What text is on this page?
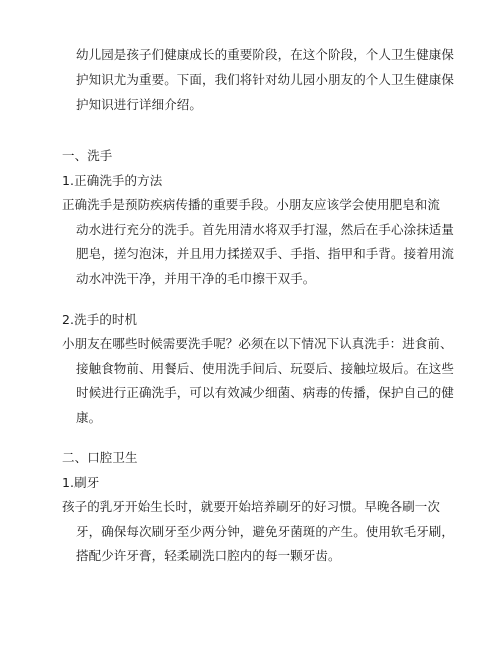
幼儿园是孩子们健康成长的重要阶段，在这个阶段，个人卫生健康保
护知识尤为重要。下面，我们将针对幼儿园小朋友的个人卫生健康保
护知识进行详细介绍。
一、洗手
1.正确洗手的方法
正确洗手是预防疾病传播的重要手段。小朋友应该学会使用肥皂和流
动水进行充分的洗手。首先用清水将双手打湿，然后在手心涂抹适量
肥皂，搓匀泡沫，并且用力揉搓双手、手指、指甲和手背。接着用流
动水冲洗干净，并用干净的毛巾擦干双手。
2.洗手的时机
小朋友在哪些时候需要洗手呢？必须在以下情况下认真洗手：进食前、
接触食物前、用餐后、使用洗手间后、玩耍后、接触垃圾后。在这些
时候进行正确洗手，可以有效减少细菌、病毒的传播，保护自己的健
康。
二、口腔卫生
1.刷牙
孩子的乳牙开始生长时，就要开始培养刷牙的好习惯。早晚各刷一次
牙，确保每次刷牙至少两分钟，避免牙菌斑的产生。使用软毛牙刷，
搭配少许牙膏，轻柔刷洗口腔内的每一颗牙齿。
